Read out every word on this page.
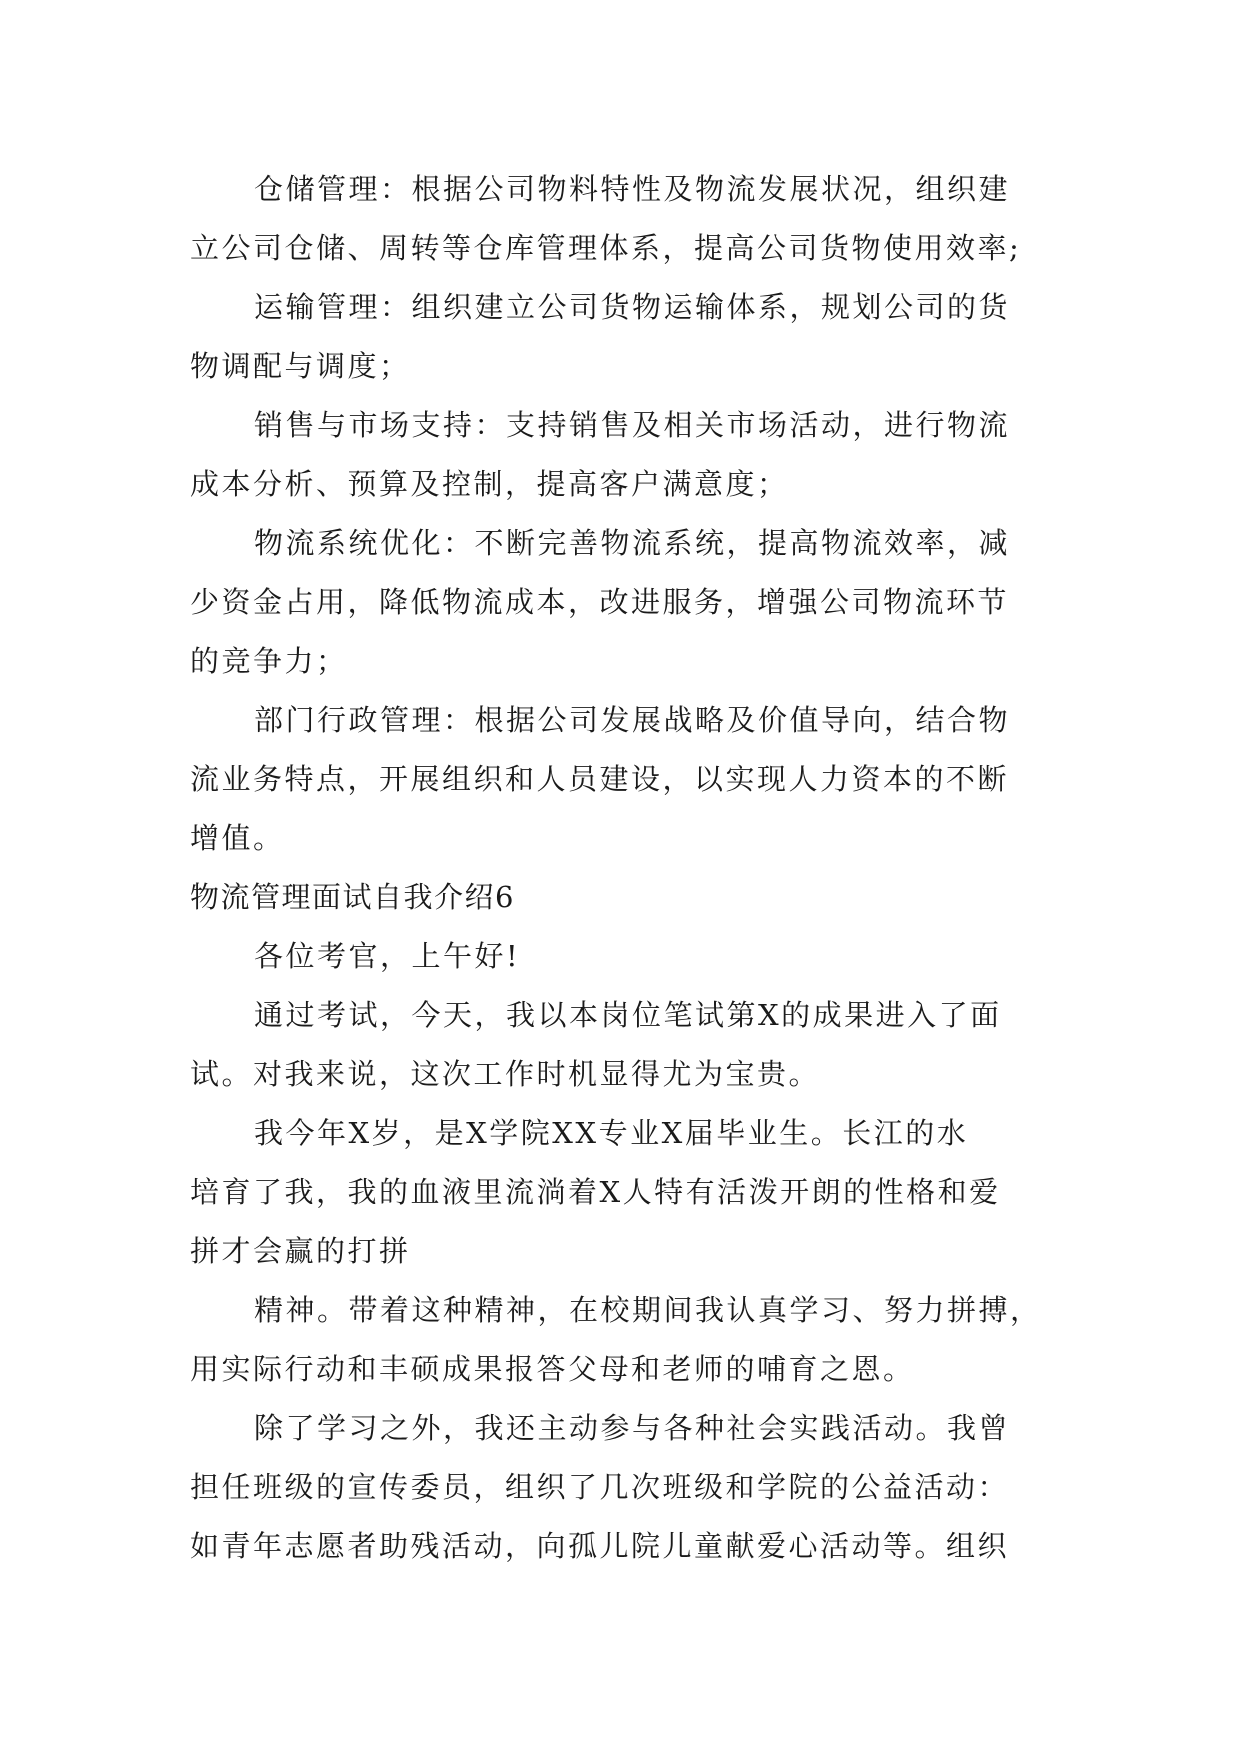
仓储管理：根据公司物料特性及物流发展状况，组织建
立公司仓储、周转等仓库管理体系，提高公司货物使用效率;

运输管理：组织建立公司货物运输体系，规划公司的货
物调配与调度；

销售与市场支持：支持销售及相关市场活动，进行物流
成本分析、预算及控制，提高客户满意度；

物流系统优化：不断完善物流系统，提高物流效率，减
少资金占用，降低物流成本，改进服务，增强公司物流环节
的竞争力；

部门行政管理：根据公司发展战略及价值导向，结合物
流业务特点，开展组织和人员建设，以实现人力资本的不断
增值。

物流管理面试自我介绍6

各位考官，上午好!

通过考试，今天，我以本岗位笔试第X的成果进入了面
试。对我来说，这次工作时机显得尤为宝贵。

我今年X岁，是X学院XX专业X届毕业生。长江的水
培育了我，我的血液里流淌着X人特有活泼开朗的性格和爱
拼才会赢的打拼

精神。带着这种精神，在校期间我认真学习、努力拼搏，
用实际行动和丰硕成果报答父母和老师的哺育之恩。

除了学习之外，我还主动参与各种社会实践活动。我曾
担任班级的宣传委员，组织了几次班级和学院的公益活动：
如青年志愿者助残活动，向孤儿院儿童献爱心活动等。组织
